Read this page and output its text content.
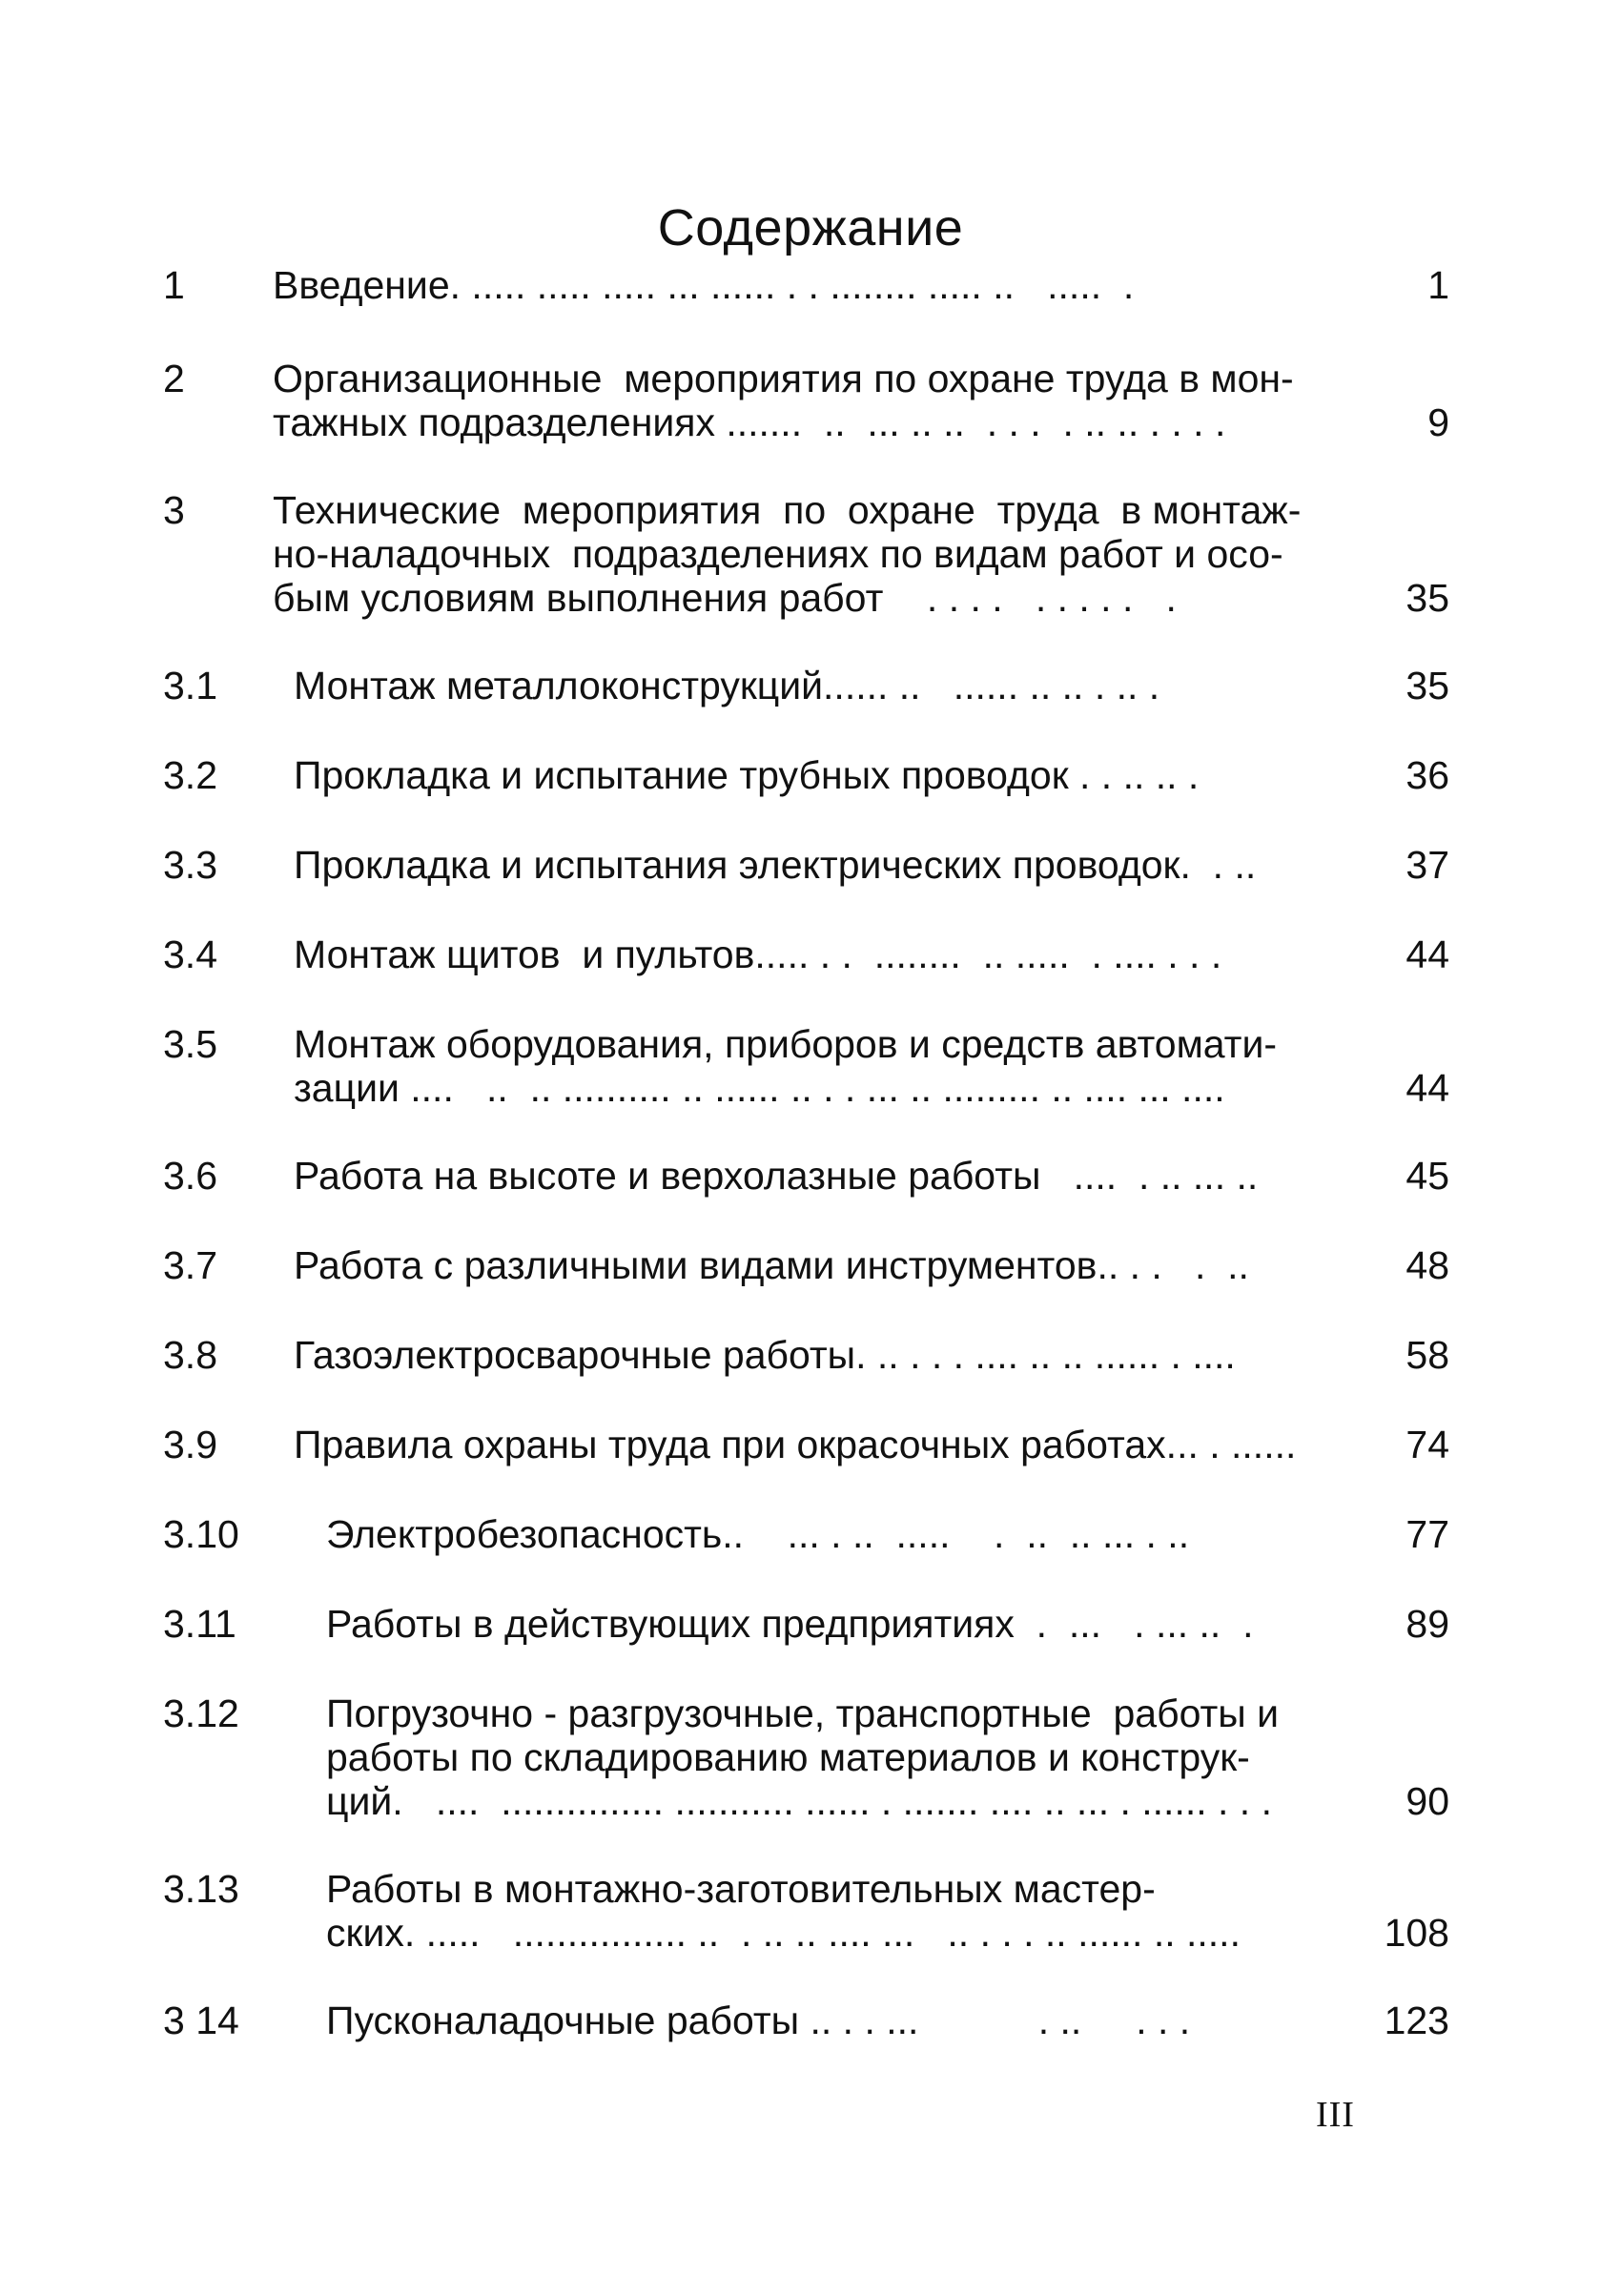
Содержание
1 Введение. ..... ..... ..... ... ...... . . ........ ..... ..   .....  .	1
2 Организационные  мероприятия по охране труда в мон-
тажных подразделениях .......  ..  ... .. ..  . . .  . .. .. . . . .	9
3 Технические  мероприятия  по  охране  труда  в монтаж-
но-наладочных  подразделениях по видам работ и осо-
бым условиям выполнения работ    . . . .   . . . . .   .	35
3.1 Монтаж металлоконструкций...... ..   ...... .. .. . .. .	35
3.2 Прокладка и испытание трубных проводок . . .. .. .	36
3.3 Прокладка и испытания электрических проводок.  . ..	37
3.4 Монтаж щитов  и пультов..... . .  ........  .. .....  . .... . . .	44
3.5 Монтаж оборудования, приборов и средств автомати-
зации ....   ..  .. .......... .. ...... .. . . ... .. ......... .. .... ... ....	44
3.6 Работа на высоте и верхолазные работы   ....  . .. ... ..	45
3.7 Работа с различными видами инструментов.. . .   .  ..	48
3.8 Газоэлектросварочные работы. .. . . . .... .. .. ...... . ....	58
3.9 Правила охраны труда при окрасочных работах... . ......	74
3.10 Электробезопасность..    ... . ..  .....    .  ..  .. ... . ..	77
3.11 Работы в действующих предприятиях  .  ...   . ... ..  .	89
3.12 Погрузочно - разгрузочные, транспортные  работы и
работы по складированию материалов и конструк-
ций.   ....  ............... ........... ...... . ....... .... .. ... . ...... . . .	90
3.13 Работы в монтажно-заготовительных мастер-
ских. .....   ................ ..  . .. .. .... ...   .. . . . .. ...... .. .....	108
3 14 Пусконаладочные работы .. . . ...           . ..     . . .	123
III
